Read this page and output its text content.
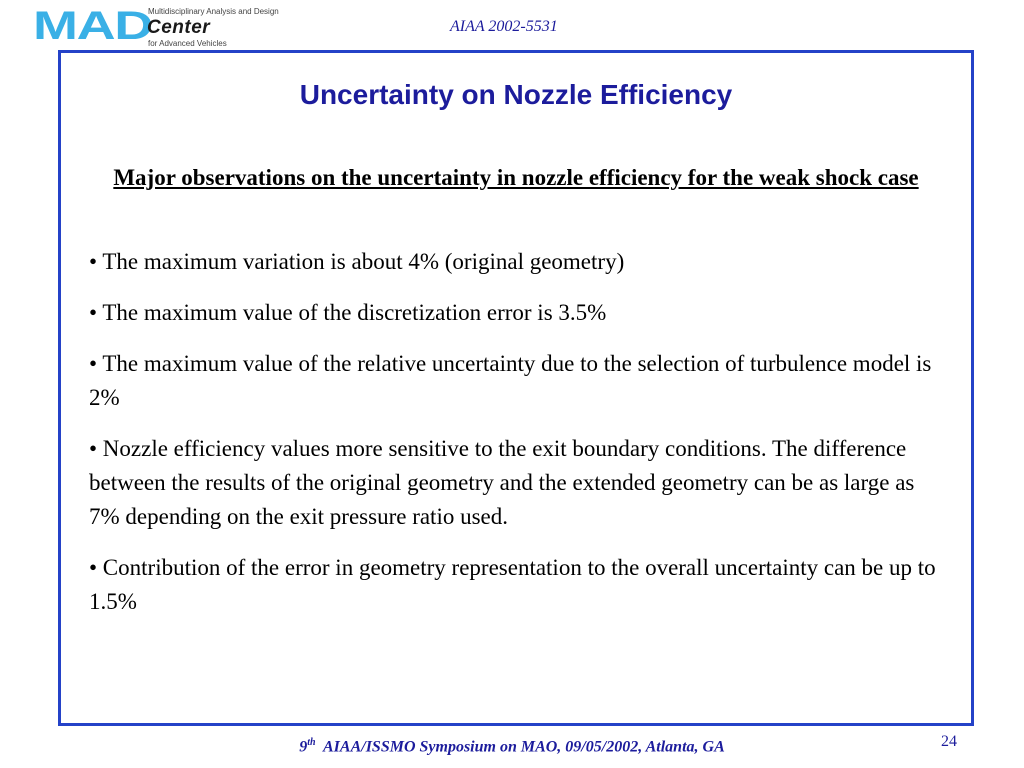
MAD
Multidisciplinary Analysis and Design
Center
for Advanced Vehicles
AIAA 2002-5531
Uncertainty on Nozzle Efficiency
Major observations on the uncertainty in nozzle efficiency for the weak shock case
• The maximum variation is about 4% (original geometry)
• The maximum value of the discretization error is 3.5%
• The maximum value of the relative uncertainty due to the selection of turbulence model is 2%
• Nozzle efficiency values more sensitive to the exit boundary conditions. The difference between the results of the original geometry and the extended geometry can be as large as 7% depending on the exit pressure ratio used.
• Contribution of the error in geometry representation to the overall uncertainty can be up to 1.5%
9th AIAA/ISSMO Symposium on MAO, 09/05/2002, Atlanta, GA	24
